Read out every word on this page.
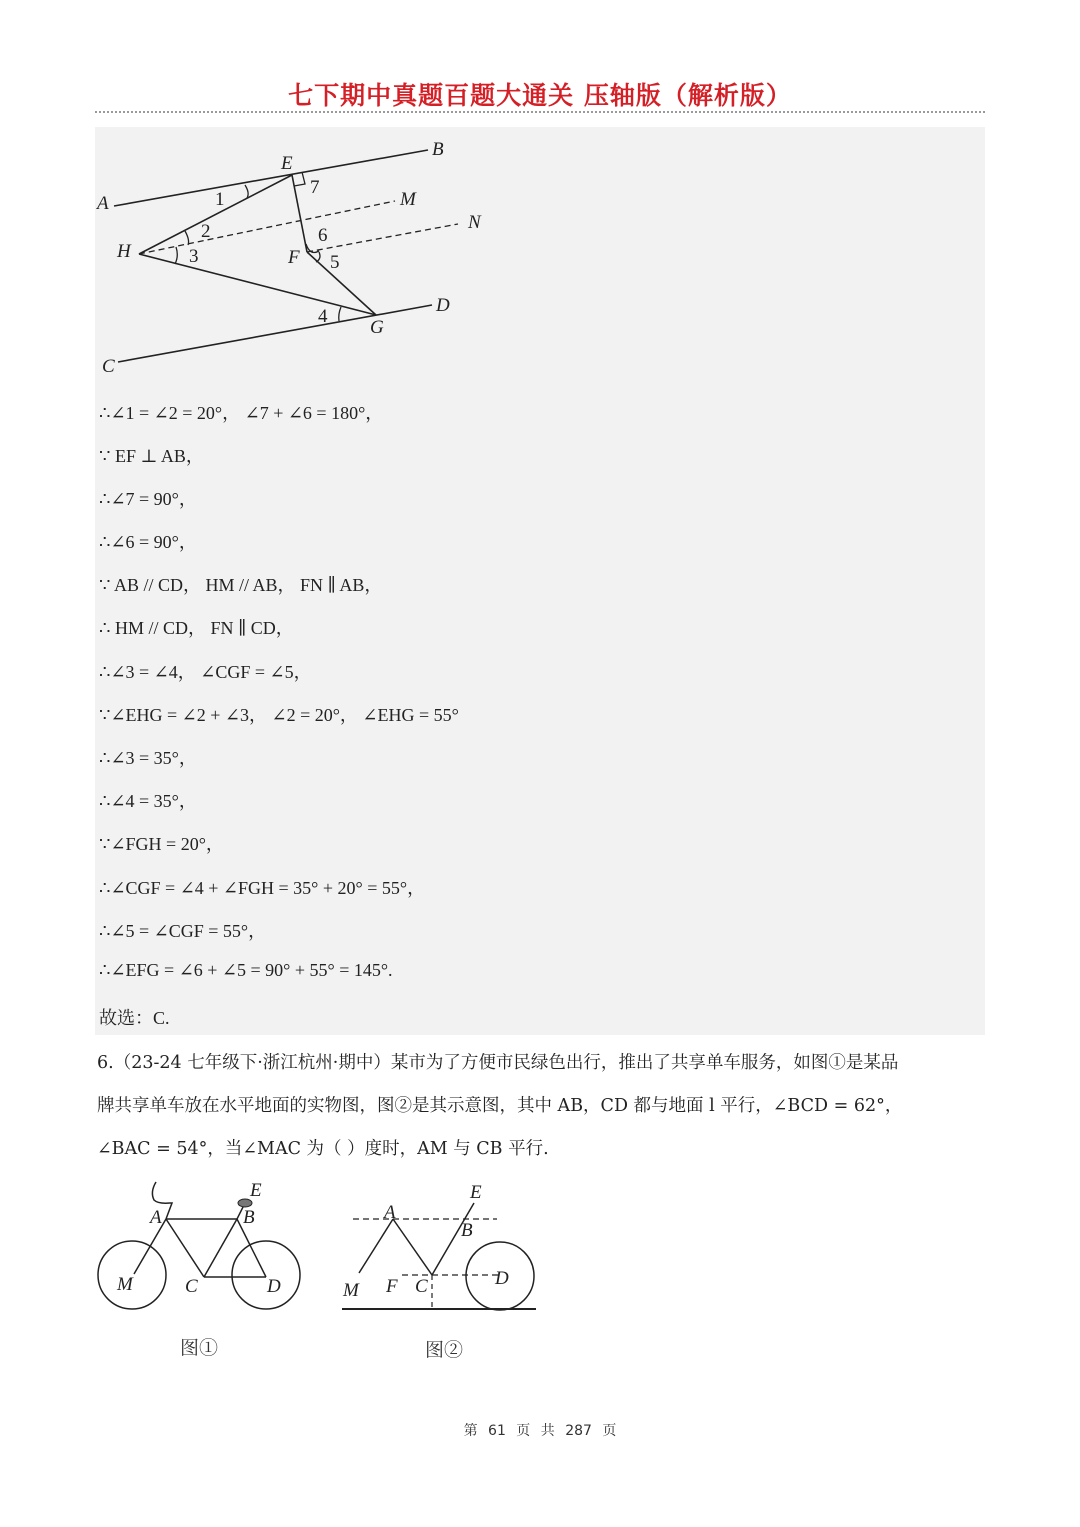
七下期中真题百题大通关 压轴版（解析版）
A
B
C
D
E
F
G
H
M
N
1
2
3
4
5
6
7
∴∠1 = ∠2 = 20°， ∠7 + ∠6 = 180°，
∵ EF ⊥ AB，
∴∠7 = 90°，
∴∠6 = 90°，
∵ AB // CD， HM // AB， FN ∥ AB，
∴ HM // CD， FN ∥ CD，
∴∠3 = ∠4， ∠CGF = ∠5，
∵∠EHG = ∠2 + ∠3， ∠2 = 20°， ∠EHG = 55°
∴∠3 = 35°，
∴∠4 = 35°，
∵∠FGH = 20°，
∴∠CGF = ∠4 + ∠FGH = 35° + 20° = 55°，
∴∠5 = ∠CGF = 55°，
∴∠EFG = ∠6 + ∠5 = 90° + 55° = 145°.
故选：C.
6.（23-24 七年级下·浙江杭州·期中）某市为了方便市民绿色出行，推出了共享单车服务，如图①是某品
牌共享单车放在水平地面的实物图，图②是其示意图，其中 AB，CD 都与地面 l 平行，∠BCD = 62°，
∠BAC = 54°，当∠MAC 为（ ）度时，AM 与 CB 平行.
A	B
C	D
E
M
图①
A
B
C	D
E
F
M
图②
第 61 页 共 287 页
